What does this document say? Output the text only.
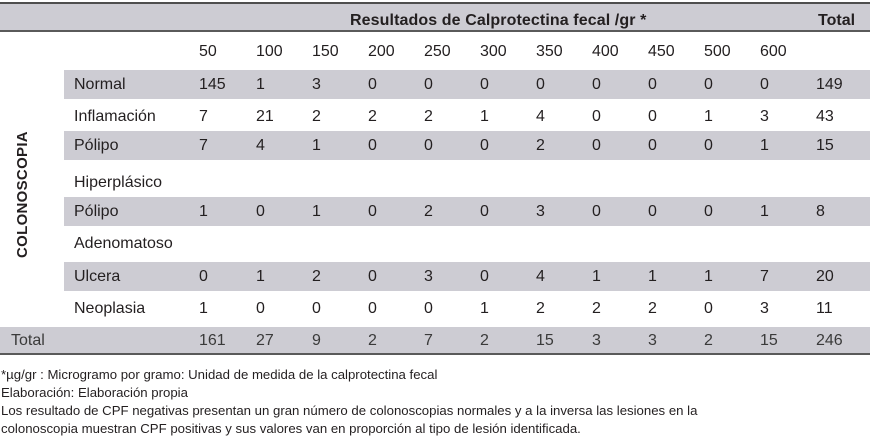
Resultados de Calprotectina fecal /gr *	Total
50 100 150 200 250 300 350 400 450 500 600
COLONOSCOPIA
Normal	145 1	3	0	0	0	0	0	0	0	0	149
Inflamación	7	21 2	2	2	1	4	0	0	1	3	43
Pólipo	7	4	1	0	0	0	2	0	0	0	1	15
Hiperplásico
Pólipo	1	0	1	0	2	0	3	0	0	0	1	8
Adenomatoso
Ulcera	0	1	2	0	3	0	4	1	1	1	7	20
Neoplasia	1	0	0	0	0	1	2	2	2	0	3	11
Total	161 27 9	2	7	2	15 3	3	2	15 246
*µg/gr : Microgramo por gramo: Unidad de medida de la calprotectina fecal
Elaboración: Elaboración propia
Los resultado de CPF negativas presentan un gran número de colonoscopias normales y a la inversa las lesiones en la
colonoscopia muestran CPF positivas y sus valores van en proporción al tipo de lesión identificada.
